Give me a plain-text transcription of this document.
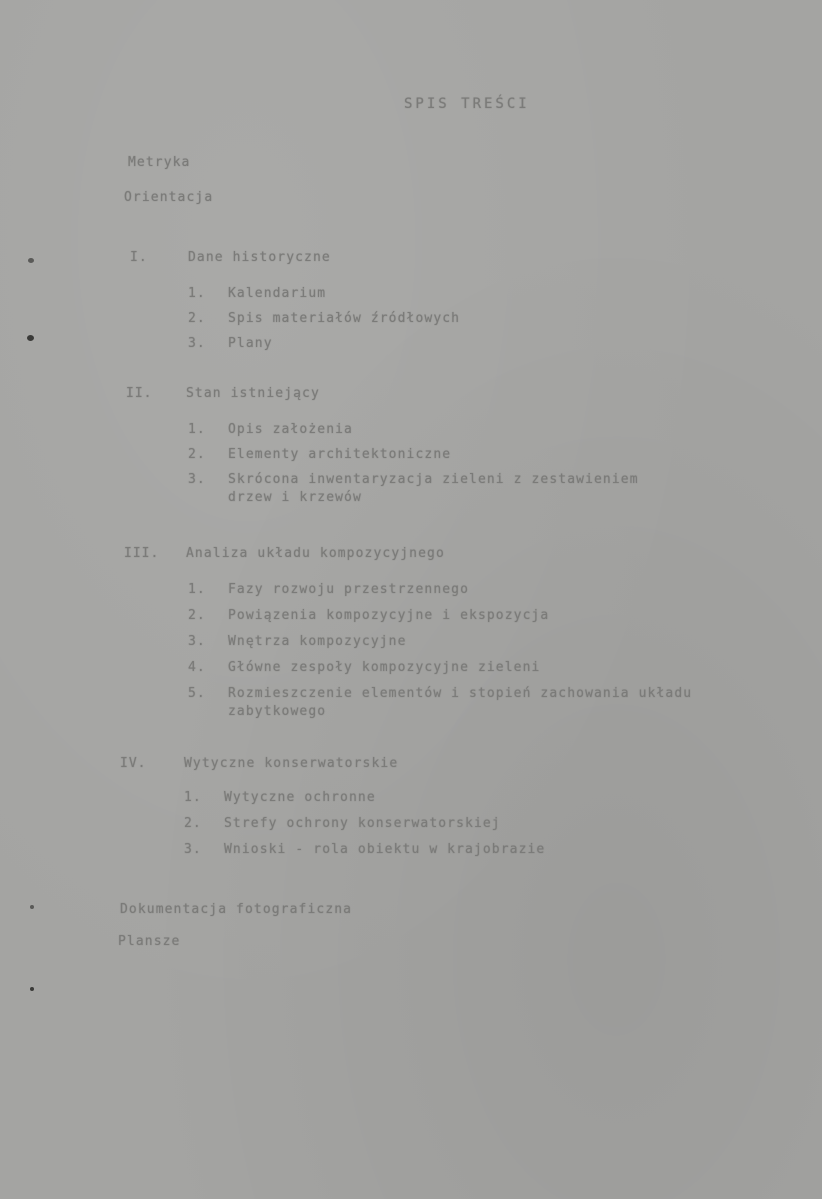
SPIS TREŚCI
Metryka
Orientacja
I.	Dane historyczne
1. Kalendarium
2. Spis materiałów źródłowych
3. Plany
II.	Stan istniejący
1. Opis założenia
2. Elementy architektoniczne
3. Skrócona inwentaryzacja zieleni z zestawieniem
drzew i krzewów
III. Analiza układu kompozycyjnego
1. Fazy rozwoju przestrzennego
2. Powiązenia kompozycyjne i ekspozycja
3. Wnętrza kompozycyjne
4. Główne zespoły kompozycyjne zieleni
5. Rozmieszczenie elementów i stopień zachowania układu
zabytkowego
IV.	Wytyczne konserwatorskie
1. Wytyczne ochronne
2. Strefy ochrony konserwatorskiej
3. Wnioski - rola obiektu w krajobrazie
Dokumentacja fotograficzna
Plansze
